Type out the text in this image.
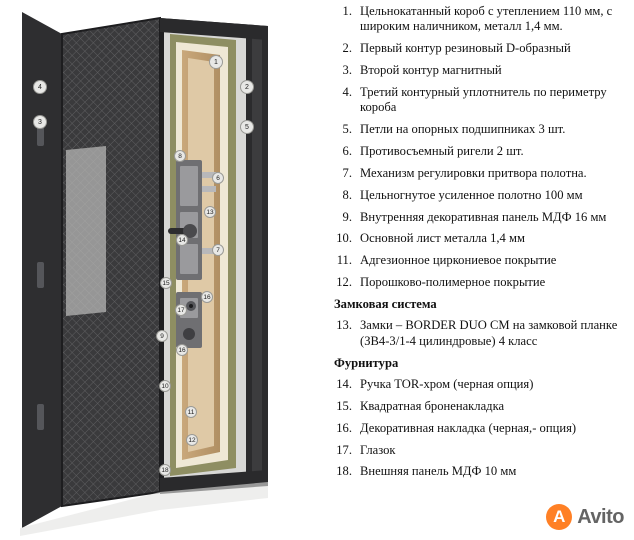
4
3
1
2
5
8
6
13
14
7
15
16
17
9
16
10
11
12
18
1. Цельнокатанный короб с утеплением 110 мм, с широким наличником, металл 1,4 мм.
2. Первый контур резиновый D-образный
3. Второй контур магнитный
4. Третий контурный уплотнитель по периметру короба
5. Петли на опорных подшипниках 3 шт.
6. Противосъемный ригели 2 шт.
7. Механизм регулировки притвора полотна.
8. Цельногнутое усиленное полотно 100 мм
9. Внутренняя декоративная панель МДФ 16 мм
10. Основной лист металла 1,4 мм
11. Адгезионное циркониевое покрытие
12. Порошково-полимерное покрытие
Замковая система
13. Замки – BORDER DUO CM на замковой планке (ЗВ4-3/1-4 цилиндровые) 4 класс
Фурнитура
14. Ручка TOR-хром (черная опция)
15. Квадратная броненакладка
16. Декоративная накладка (черная,- опция)
17. Глазок
18. Внешняя панель МДФ 10 мм
A Avito
